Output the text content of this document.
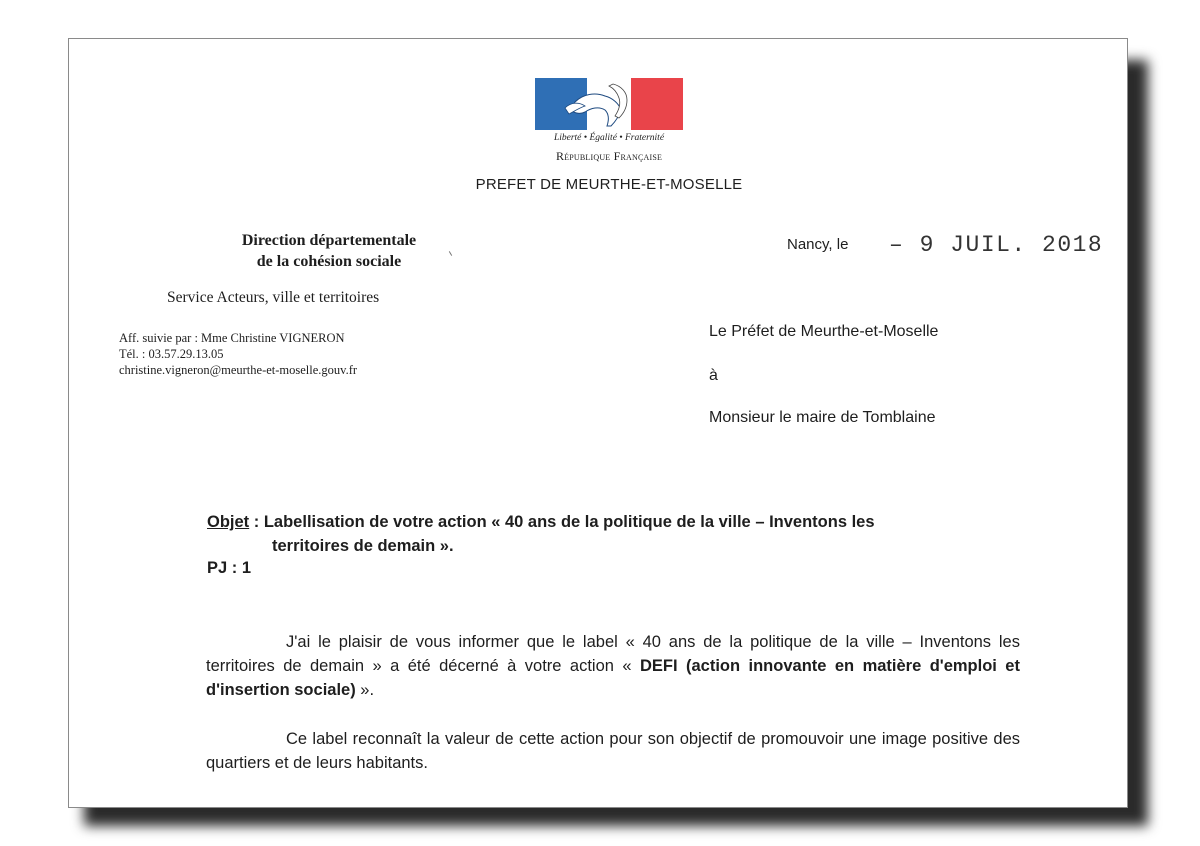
Liberté • Égalité • Fraternité
République Française
PREFET DE MEURTHE-ET-MOSELLE
Direction départementale
de la cohésion sociale
Service Acteurs, ville et territoires
Aff. suivie par : Mme Christine VIGNERON
Tél. : 03.57.29.13.05
christine.vigneron@meurthe-et-moselle.gouv.fr
Nancy, le – 9 JUIL. 2018
Le Préfet de Meurthe-et-Moselle
à
Monsieur le maire de Tomblaine
Objet : Labellisation de votre action « 40 ans de la politique de la ville – Inventons les
territoires de demain ».
PJ : 1
J'ai le plaisir de vous informer que le label « 40 ans de la politique de la ville – Inventons les territoires de demain » a été décerné à votre action « DEFI (action innovante en matière d'emploi et d'insertion sociale) ».
Ce label reconnaît la valeur de cette action pour son objectif de promouvoir une image positive des quartiers et de leurs habitants.
